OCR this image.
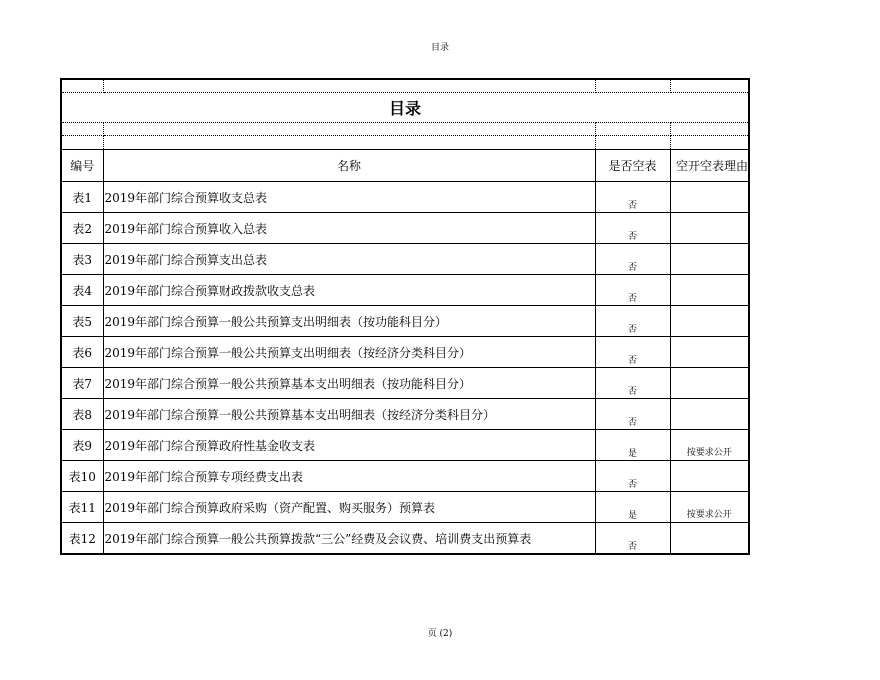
目录

目录			

编号	名称	是否空表	空开空表理由
表1	2019年部门综合预算收支总表	否	
表2	2019年部门综合预算收入总表	否	
表3	2019年部门综合预算支出总表	否	
表4	2019年部门综合预算财政拨款收支总表	否	
表5	2019年部门综合预算一般公共预算支出明细表（按功能科目分）	否	
表6	2019年部门综合预算一般公共预算支出明细表（按经济分类科目分）	否	
表7	2019年部门综合预算一般公共预算基本支出明细表（按功能科目分）	否	
表8	2019年部门综合预算一般公共预算基本支出明细表（按经济分类科目分）	否	
表9	2019年部门综合预算政府性基金收支表	是	按要求公开
表10	2019年部门综合预算专项经费支出表	否	
表11	2019年部门综合预算政府采购（资产配置、购买服务）预算表	是	按要求公开
表12	2019年部门综合预算一般公共预算拨款“三公”经费及会议费、培训费支出预算表	否	
页 (2)
